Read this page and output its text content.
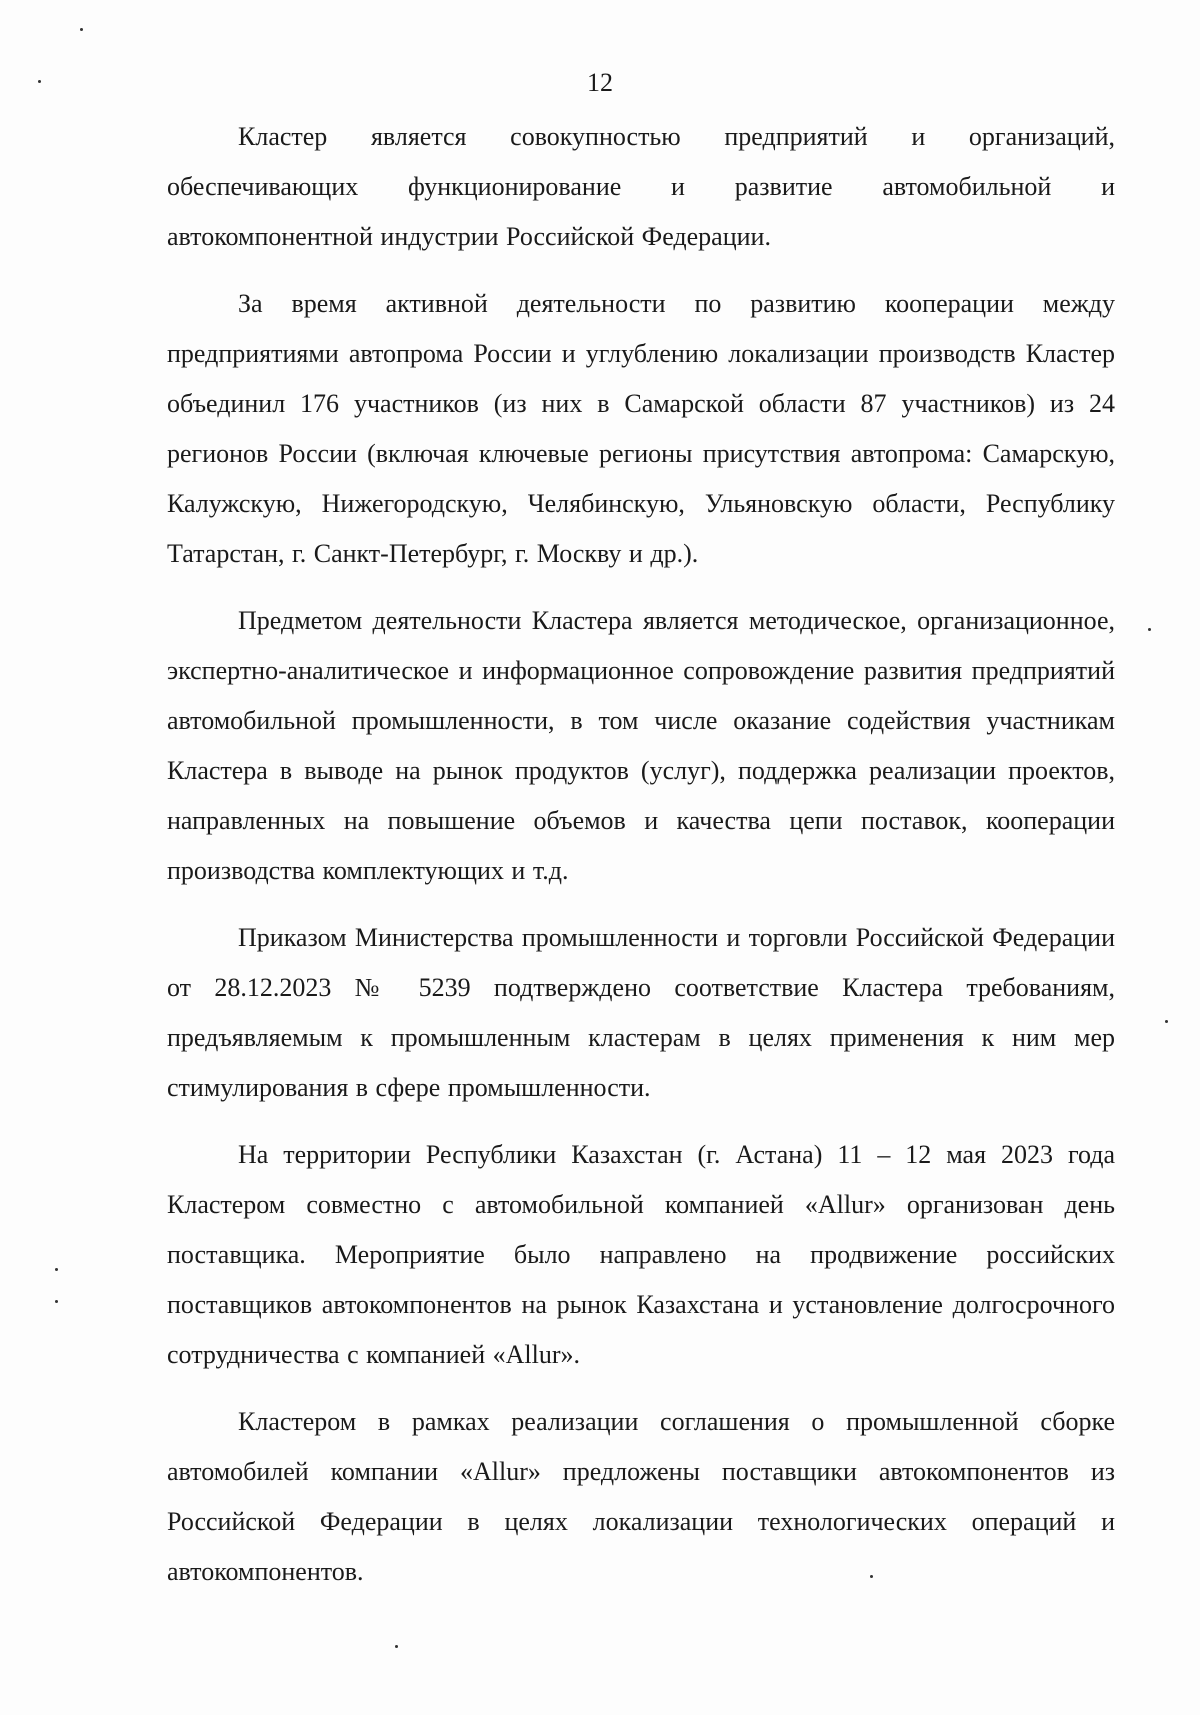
12

Кластер является совокупностью предприятий и организаций, обеспечивающих функционирование и развитие автомобильной и автокомпонентной индустрии Российской Федерации.

За время активной деятельности по развитию кооперации между предприятиями автопрома России и углублению локализации производств Кластер объединил 176 участников (из них в Самарской области 87 участников) из 24 регионов России (включая ключевые регионы присутствия автопрома: Самарскую, Калужскую, Нижегородскую, Челябинскую, Ульяновскую области, Республику Татарстан, г. Санкт-Петербург, г. Москву и др.).

Предметом деятельности Кластера является методическое, организационное, экспертно-аналитическое и информационное сопровождение развития предприятий автомобильной промышленности, в том числе оказание содействия участникам Кластера в выводе на рынок продуктов (услуг), поддержка реализации проектов, направленных на повышение объемов и качества цепи поставок, кооперации производства комплектующих и т.д.

Приказом Министерства промышленности и торговли Российской Федерации от 28.12.2023 № 5239 подтверждено соответствие Кластера требованиям, предъявляемым к промышленным кластерам в целях применения к ним мер стимулирования в сфере промышленности.

На территории Республики Казахстан (г. Астана) 11 – 12 мая 2023 года Кластером совместно с автомобильной компанией «Allur» организован день поставщика. Мероприятие было направлено на продвижение российских поставщиков автокомпонентов на рынок Казахстана и установление долгосрочного сотрудничества с компанией «Allur».

Кластером в рамках реализации соглашения о промышленной сборке автомобилей компании «Allur» предложены поставщики автокомпонентов из Российской Федерации в целях локализации технологических операций и автокомпонентов.
